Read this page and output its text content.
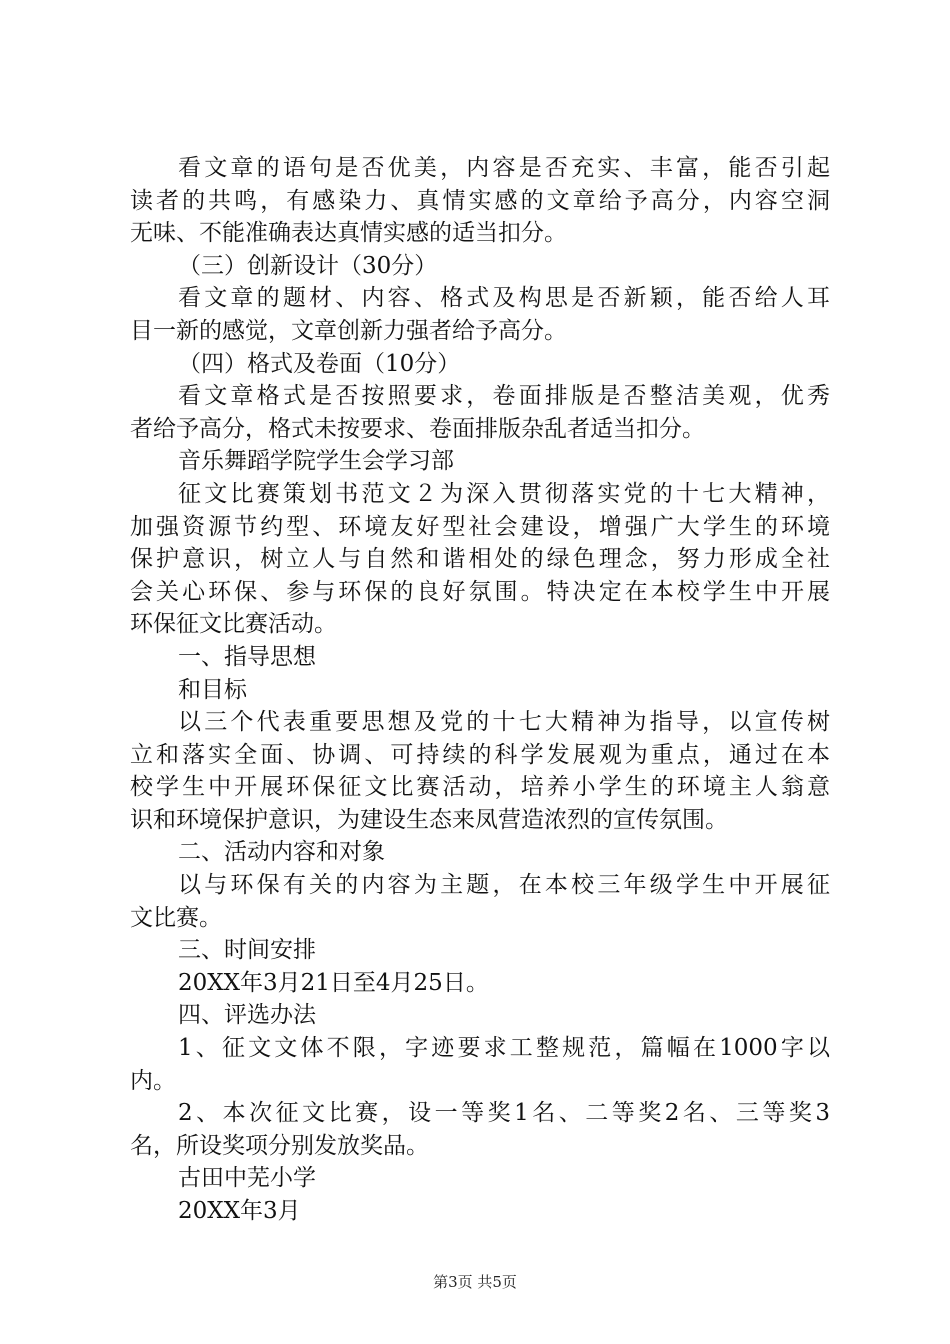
看文章的语句是否优美，内容是否充实、丰富，能否引起
读者的共鸣，有感染力、真情实感的文章给予高分，内容空洞
无味、不能准确表达真情实感的适当扣分。
（三）创新设计（30分）
看文章的题材、内容、格式及构思是否新颖，能否给人耳
目一新的感觉，文章创新力强者给予高分。
（四）格式及卷面（10分）
看文章格式是否按照要求，卷面排版是否整洁美观，优秀
者给予高分，格式未按要求、卷面排版杂乱者适当扣分。
音乐舞蹈学院学生会学习部
征文比赛策划书范文２为深入贯彻落实党的十七大精神，
加强资源节约型、环境友好型社会建设，增强广大学生的环境
保护意识，树立人与自然和谐相处的绿色理念，努力形成全社
会关心环保、参与环保的良好氛围。特决定在本校学生中开展
环保征文比赛活动。
一、指导思想
和目标
以三个代表重要思想及党的十七大精神为指导，以宣传树
立和落实全面、协调、可持续的科学发展观为重点，通过在本
校学生中开展环保征文比赛活动，培养小学生的环境主人翁意
识和环境保护意识，为建设生态来凤营造浓烈的宣传氛围。
二、活动内容和对象
以与环保有关的内容为主题，在本校三年级学生中开展征
文比赛。
三、时间安排
20XX年3月21日至4月25日。
四、评选办法
1、征文文体不限，字迹要求工整规范，篇幅在1000字以
内。
2、本次征文比赛，设一等奖1名、二等奖2名、三等奖3
名，所设奖项分别发放奖品。
古田中芜小学
20XX年3月
第3页 共5页
